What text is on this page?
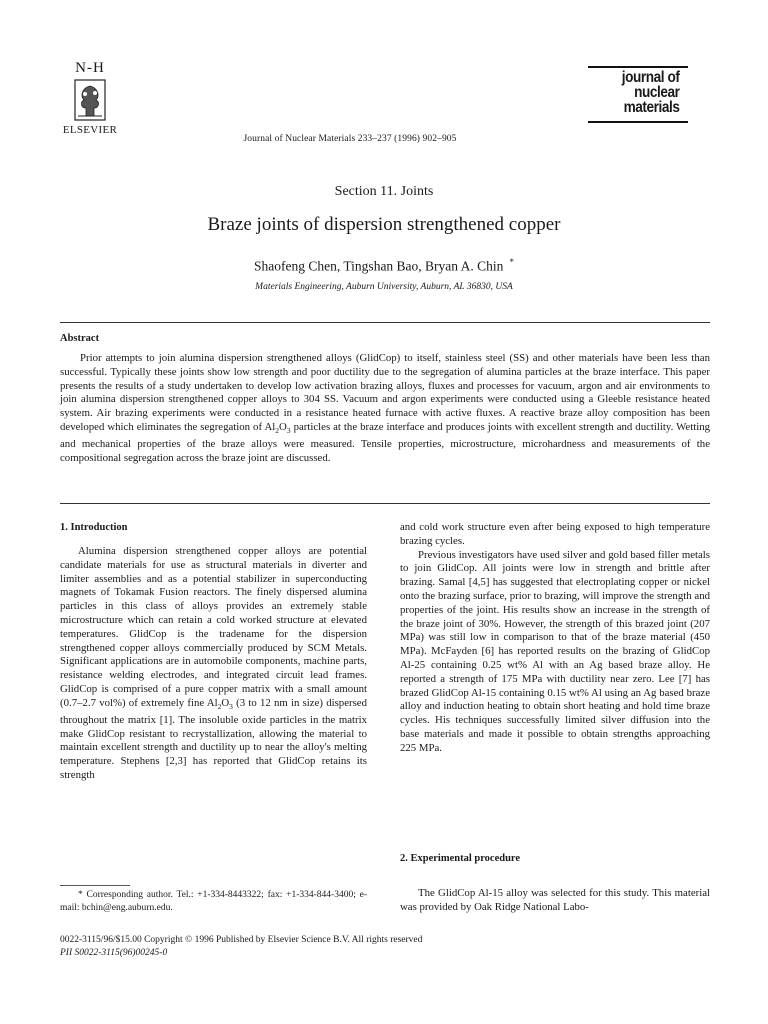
N-H
ELSEVIER
Journal of Nuclear Materials 233–237 (1996) 902–905
journal of
nuclear
materials
Section 11. Joints
Braze joints of dispersion strengthened copper
Shaofeng Chen, Tingshan Bao, Bryan A. Chin *
Materials Engineering, Auburn University, Auburn, AL 36830, USA
Abstract

Prior attempts to join alumina dispersion strengthened alloys (GlidCop) to itself, stainless steel (SS) and other materials have been less than successful. Typically these joints show low strength and poor ductility due to the segregation of alumina particles at the braze interface. This paper presents the results of a study undertaken to develop low activation brazing alloys, fluxes and processes for vacuum, argon and air environments to join alumina dispersion strengthened copper alloys to 304 SS. Vacuum and argon experiments were conducted using a Gleeble resistance heated system. Air brazing experiments were conducted in a resistance heated furnace with active fluxes. A reactive braze alloy composition has been developed which eliminates the segregation of $Al_2O_3$ particles at the braze interface and produces joints with excellent strength and ductility. Wetting and mechanical properties of the braze alloys were measured. Tensile properties, microstructure, microhardness and measurements of the compositional segregation across the braze joint are discussed.

1. Introduction

Alumina dispersion strengthened copper alloys are potential candidate materials for use as structural materials in diverter and limiter assemblies and as a potential stabilizer in superconducting magnets of Tokamak Fusion reactors. The finely dispersed alumina particles in this class of alloys provides an extremely stable microstructure which can retain a cold worked structure at elevated temperatures. GlidCop is the tradename for the dispersion strengthened copper alloys commercially produced by SCM Metals. Significant applications are in automobile components, machine parts, resistance welding electrodes, and integrated circuit lead frames. GlidCop is comprised of a pure copper matrix with a small amount (0.7–2.7 vol%) of extremely fine $Al_2O_3$ (3 to 12 nm in size) dispersed throughout the matrix [1]. The insoluble oxide particles in the matrix make GlidCop resistant to recrystallization, allowing the material to maintain excellent strength and ductility up to near the alloy's melting temperature. Stephens [2,3] has reported that GlidCop retains its strength

* Corresponding author. Tel.: +1-334-8443322; fax: +1-334-844-3400; e-mail: bchin@eng.auburn.edu.

and cold work structure even after being exposed to high temperature brazing cycles.

Previous investigators have used silver and gold based filler metals to join GlidCop. All joints were low in strength and brittle after brazing. Samal [4,5] has suggested that electroplating copper or nickel onto the brazing surface, prior to brazing, will improve the strength and properties of the joint. His results show an increase in the strength of the braze joint of 30%. However, the strength of this brazed joint (207 MPa) was still low in comparison to that of the braze material (450 MPa). McFayden [6] has reported results on the brazing of GlidCop Al-25 containing 0.25 wt% Al with an Ag based braze alloy. He reported a strength of 175 MPa with ductility near zero. Lee [7] has brazed GlidCop Al-15 containing 0.15 wt% Al using an Ag based braze alloy and induction heating to obtain short heating and hold time braze cycles. His techniques successfully limited silver diffusion into the base materials and made it possible to obtain strengths approaching 225 MPa.

2. Experimental procedure

The GlidCop Al-15 alloy was selected for this study. This material was provided by Oak Ridge National Labo-

0022-3115/96/$15.00 Copyright © 1996 Published by Elsevier Science B.V. All rights reserved
PII S0022-3115(96)00245-0
